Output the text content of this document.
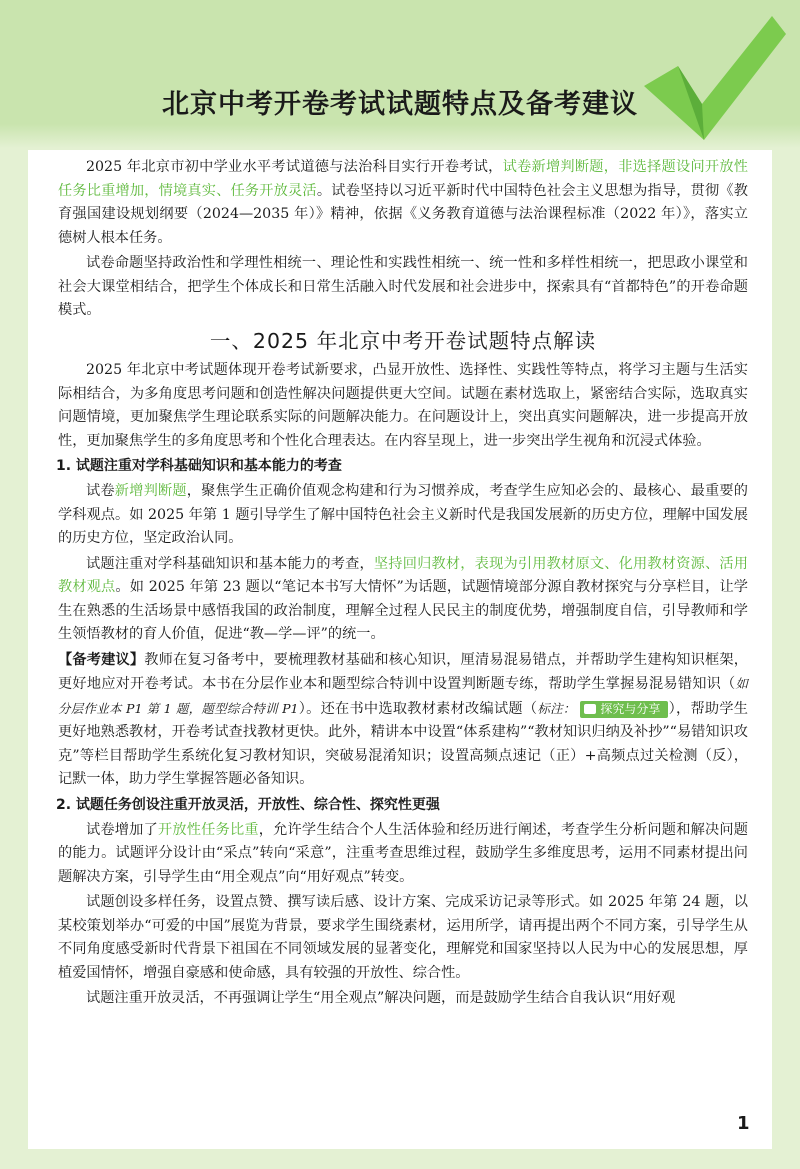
北京中考开卷考试试题特点及备考建议

2025 年北京市初中学业水平考试道德与法治科目实行开卷考试，试卷新增判断题，非选择题设问开放性任务比重增加，情境真实、任务开放灵活。试卷坚持以习近平新时代中国特色社会主义思想为指导，贯彻《教育强国建设规划纲要（2024—2035 年）》精神，依据《义务教育道德与法治课程标准（2022 年）》，落实立德树人根本任务。

试卷命题坚持政治性和学理性相统一、理论性和实践性相统一、统一性和多样性相统一，把思政小课堂和社会大课堂相结合，把学生个体成长和日常生活融入时代发展和社会进步中，探索具有“首都特色”的开卷命题模式。

一、2025 年北京中考开卷试题特点解读

2025 年北京中考试题体现开卷考试新要求，凸显开放性、选择性、实践性等特点，将学习主题与生活实际相结合，为多角度思考问题和创造性解决问题提供更大空间。试题在素材选取上，紧密结合实际，选取真实问题情境，更加聚焦学生理论联系实际的问题解决能力。在问题设计上，突出真实问题解决，进一步提高开放性，更加聚焦学生的多角度思考和个性化合理表达。在内容呈现上，进一步突出学生视角和沉浸式体验。

1. 试题注重对学科基础知识和基本能力的考查

试卷新增判断题，聚焦学生正确价值观念构建和行为习惯养成，考查学生应知必会的、最核心、最重要的学科观点。如 2025 年第 1 题引导学生了解中国特色社会主义新时代是我国发展新的历史方位，理解中国发展的历史方位，坚定政治认同。

试题注重对学科基础知识和基本能力的考查，坚持回归教材，表现为引用教材原文、化用教材资源、活用教材观点。如 2025 年第 23 题以“笔记本书写大情怀”为话题，试题情境部分源自教材探究与分享栏目，让学生在熟悉的生活场景中感悟我国的政治制度，理解全过程人民民主的制度优势，增强制度自信，引导教师和学生领悟教材的育人价值，促进“教—学—评”的统一。

【备考建议】教师在复习备考中，要梳理教材基础和核心知识，厘清易混易错点，并帮助学生建构知识框架，更好地应对开卷考试。本书在分层作业本和题型综合特训中设置判断题专练，帮助学生掌握易混易错知识（如分层作业本 P1 第 1 题，题型综合特训 P1）。还在书中选取教材素材改编试题（标注： 探究与分享 ），帮助学生更好地熟悉教材，开卷考试查找教材更快。此外，精讲本中设置“体系建构”“教材知识归纳及补抄”“易错知识攻克”等栏目帮助学生系统化复习教材知识，突破易混淆知识；设置高频点速记（正）+高频点过关检测（反），记默一体，助力学生掌握答题必备知识。

2. 试题任务创设注重开放灵活，开放性、综合性、探究性更强

试卷增加了开放性任务比重，允许学生结合个人生活体验和经历进行阐述，考查学生分析问题和解决问题的能力。试题评分设计由“采点”转向“采意”，注重考查思维过程，鼓励学生多维度思考，运用不同素材提出问题解决方案，引导学生由“用全观点”向“用好观点”转变。

试题创设多样任务，设置点赞、撰写读后感、设计方案、完成采访记录等形式。如 2025 年第 24 题，以某校策划举办“可爱的中国”展览为背景，要求学生围绕素材，运用所学，请再提出两个不同方案，引导学生从不同角度感受新时代背景下祖国在不同领域发展的显著变化，理解党和国家坚持以人民为中心的发展思想，厚植爱国情怀，增强自豪感和使命感，具有较强的开放性、综合性。

试题注重开放灵活，不再强调让学生“用全观点”解决问题，而是鼓励学生结合自我认识“用好观

1
